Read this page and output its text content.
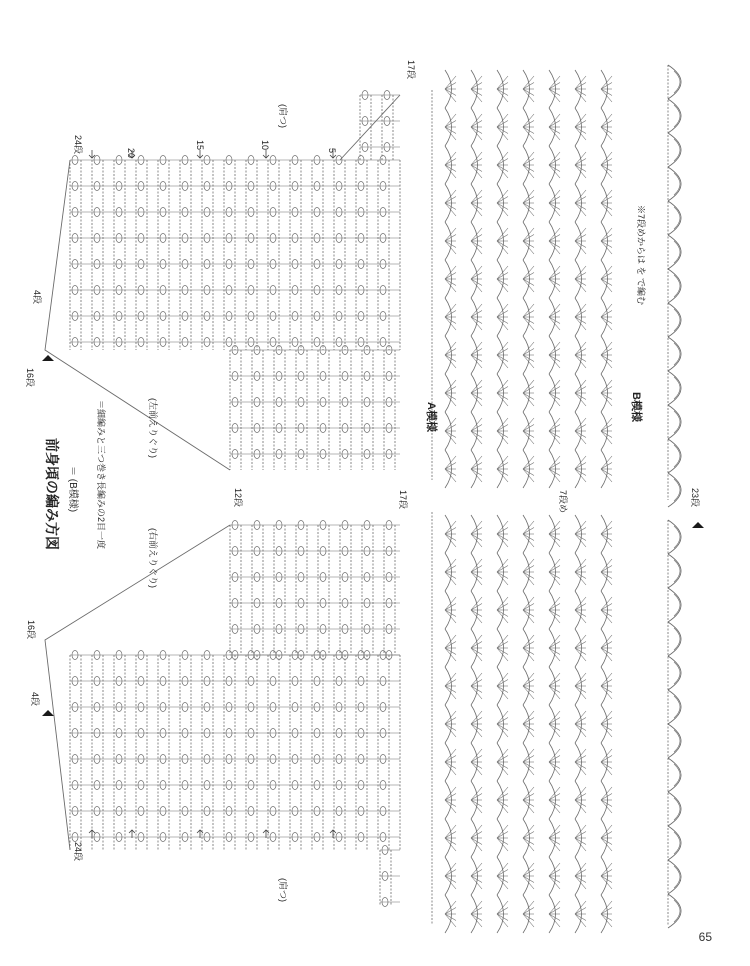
前身頃の編み方図 ＝ (B模様)	＝細編みと三つ巻き長編みの2目一度
(右前えりぐり)
(左前えりぐり)
(肩つ)
(肩つ)
A模様	B模様
※7段めからは を で編む
24段	20
15	10
5
16段
4段
12段
17段
17段	7段め	23段
16段
4段
24段
65
